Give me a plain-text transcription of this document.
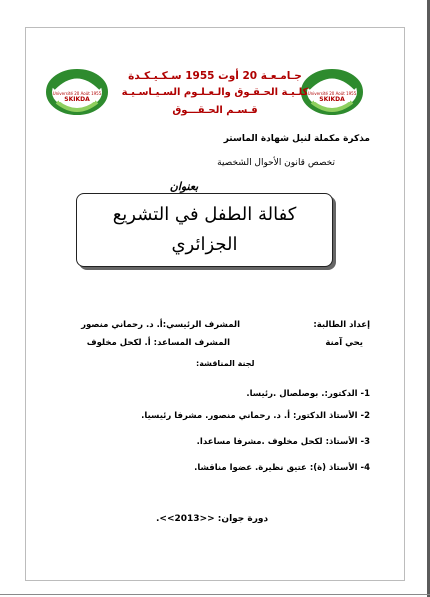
Université 20 Août 1955
SKIKDA
Université 20 Août 1955
SKIKDA
جـامـعـة 20 أوت 1955 سـكـيـكـدة
كلـيـة الحـقـوق والـعـلـوم السـيـاسـيـة
قـسـم الحـقـــوق
مذكرة مكملة لنيل شهادة الماستر
تخصص قانون الأحوال الشخصية
بعنوان
كفالة الطفل في التشريع الجزائري
إعداد الطالبة:
يحي آمنة
المشرف الرئيسي:أ. د. رحماني منصور
المشرف المساعد: أ. لكحل مخلوف
لجنة المناقشة:
1- الدكتور:. بوصلصال .رئيسا.
2- الأستاذ الدكتور: أ. د. رحماني منصور. مشرفا رئيسيا.
3- الأستاذ: لكحل مخلوف .مشرفا مساعدا.
4- الأستاذ (ة): عتيق نظيرة. عضوا مناقشا.
دورة جوان: <<2013>>.
